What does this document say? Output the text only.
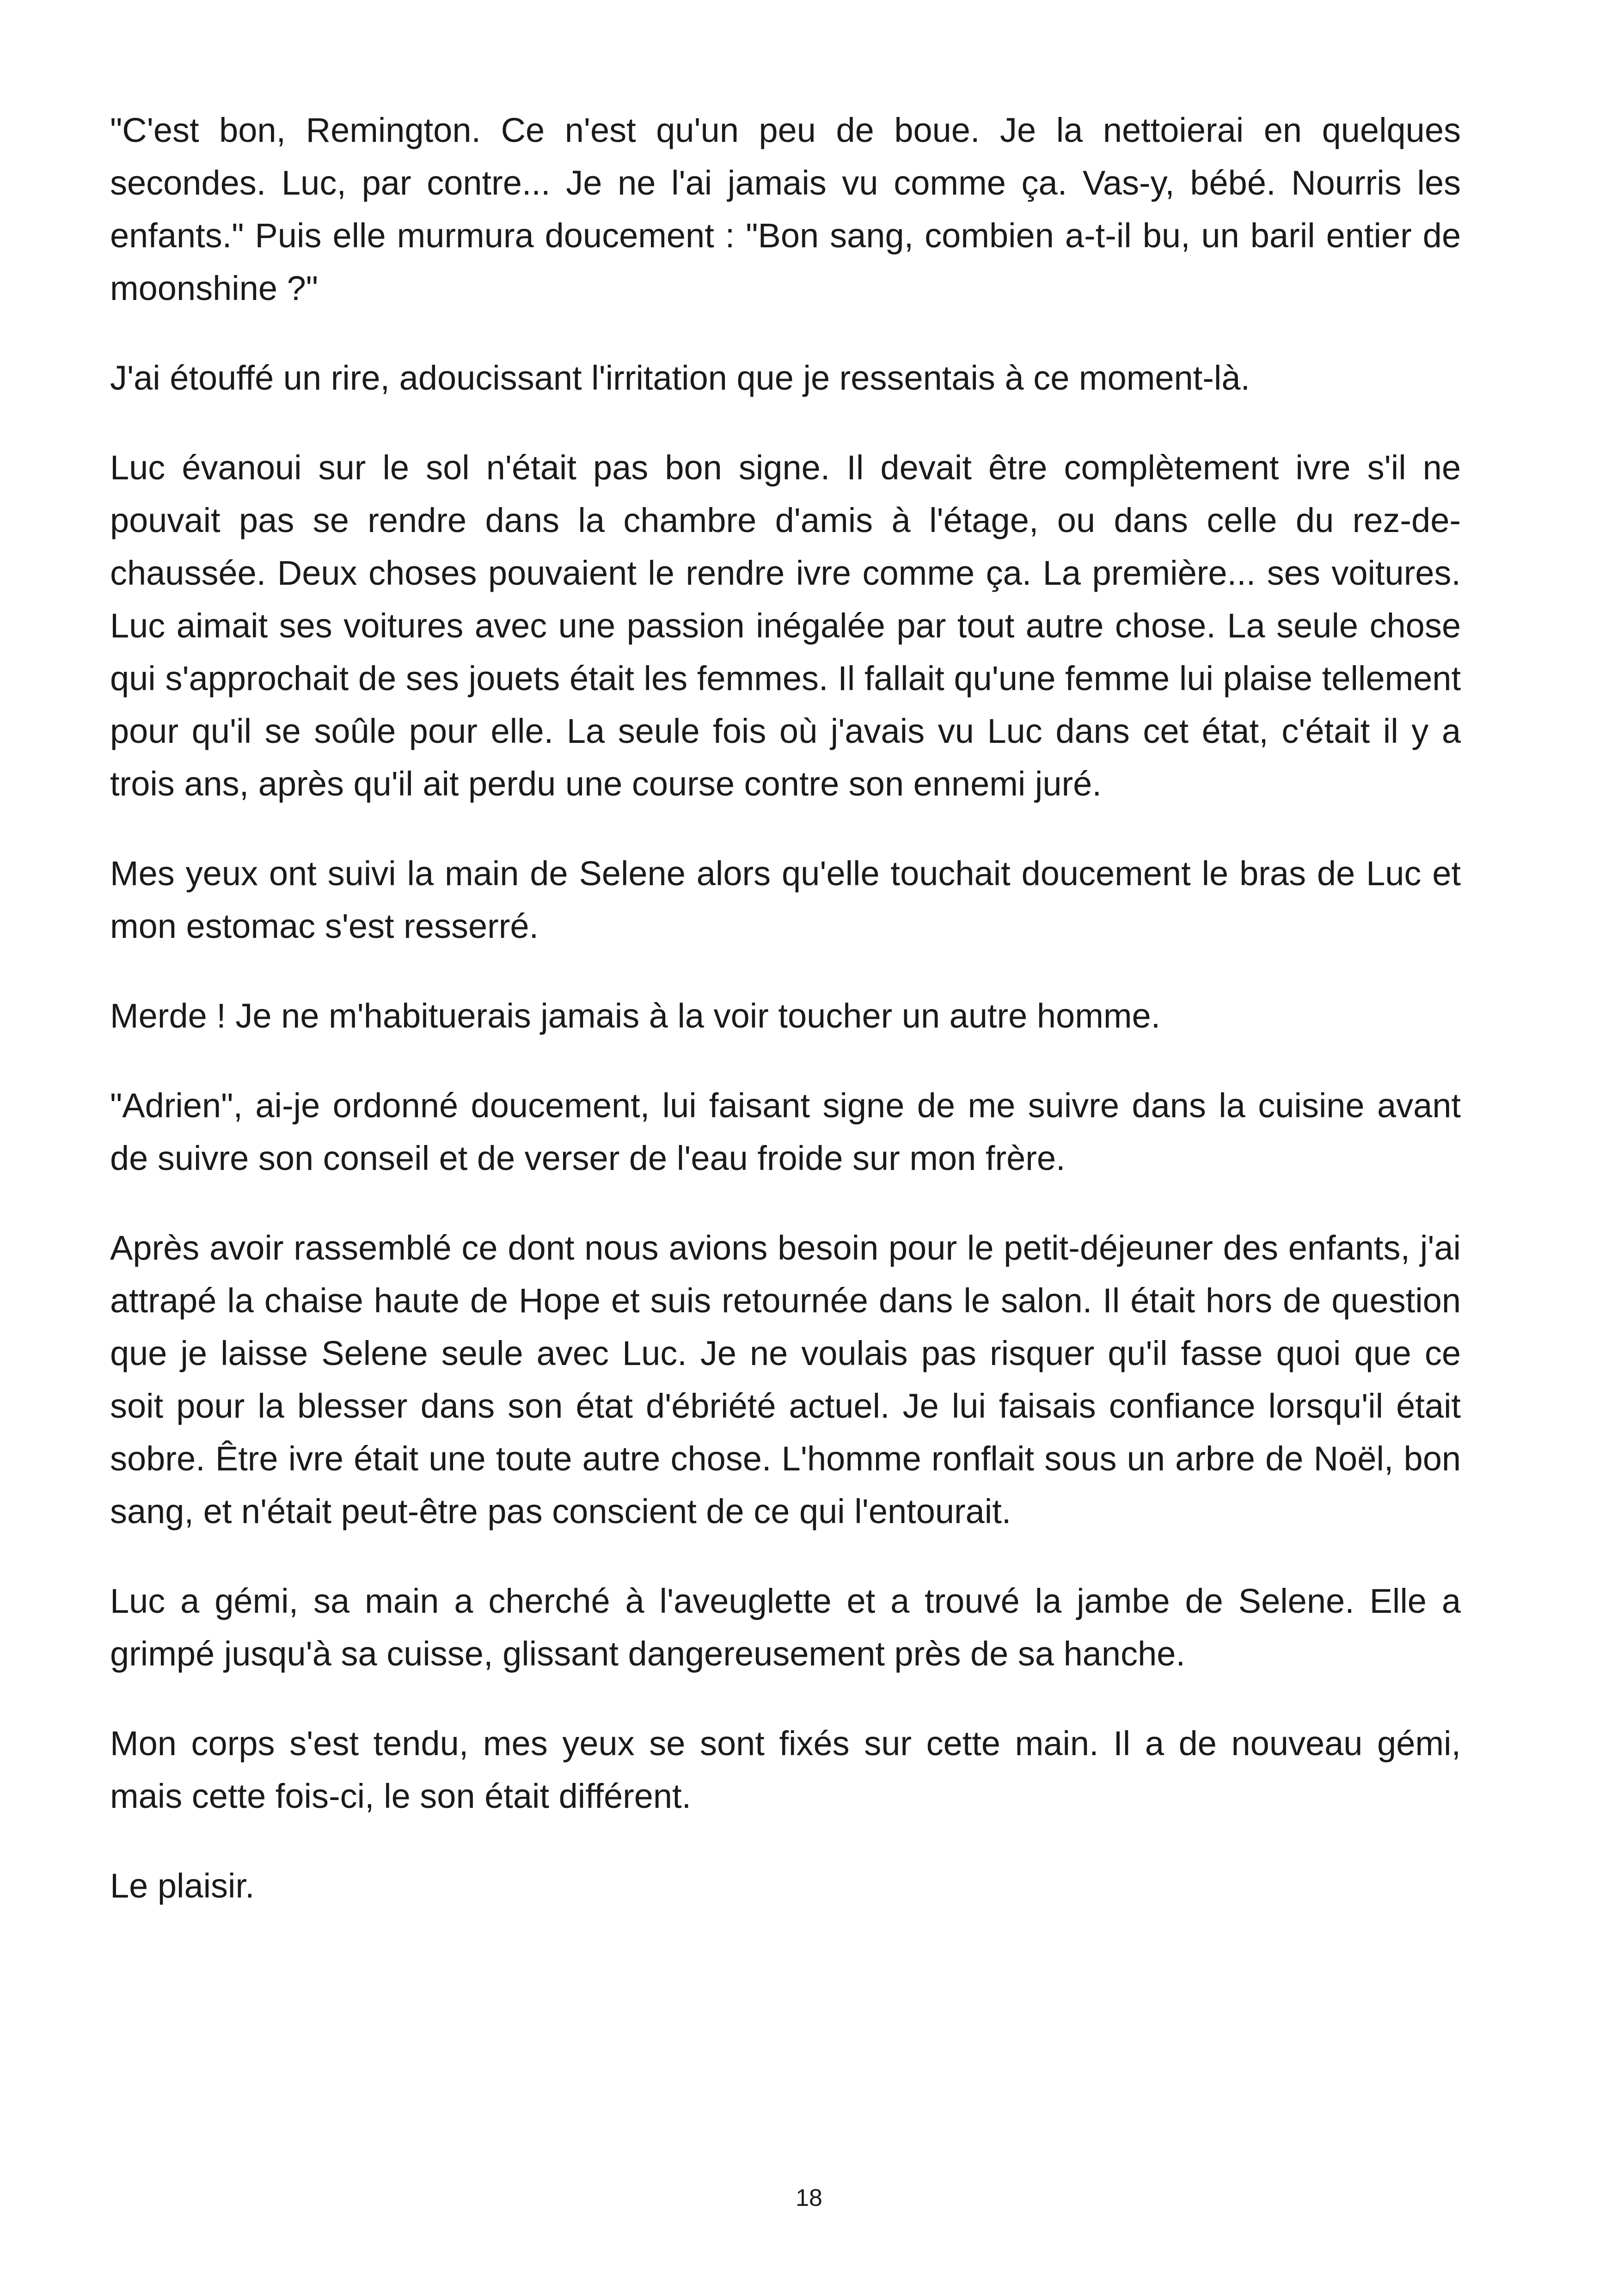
"C'est bon, Remington. Ce n'est qu'un peu de boue. Je la nettoierai en quelques secondes. Luc, par contre... Je ne l'ai jamais vu comme ça. Vas-y, bébé. Nourris les enfants." Puis elle murmura doucement : "Bon sang, combien a-t-il bu, un baril entier de moonshine ?"

J'ai étouffé un rire, adoucissant l'irritation que je ressentais à ce moment-là.

Luc évanoui sur le sol n'était pas bon signe. Il devait être complètement ivre s'il ne pouvait pas se rendre dans la chambre d'amis à l'étage, ou dans celle du rez-de-chaussée. Deux choses pouvaient le rendre ivre comme ça. La première... ses voitures. Luc aimait ses voitures avec une passion inégalée par tout autre chose. La seule chose qui s'approchait de ses jouets était les femmes. Il fallait qu'une femme lui plaise tellement pour qu'il se soûle pour elle. La seule fois où j'avais vu Luc dans cet état, c'était il y a trois ans, après qu'il ait perdu une course contre son ennemi juré.

Mes yeux ont suivi la main de Selene alors qu'elle touchait doucement le bras de Luc et mon estomac s'est resserré.

Merde ! Je ne m'habituerais jamais à la voir toucher un autre homme.

"Adrien", ai-je ordonné doucement, lui faisant signe de me suivre dans la cuisine avant de suivre son conseil et de verser de l'eau froide sur mon frère.

Après avoir rassemblé ce dont nous avions besoin pour le petit-déjeuner des enfants, j'ai attrapé la chaise haute de Hope et suis retournée dans le salon. Il était hors de question que je laisse Selene seule avec Luc. Je ne voulais pas risquer qu'il fasse quoi que ce soit pour la blesser dans son état d'ébriété actuel. Je lui faisais confiance lorsqu'il était sobre. Être ivre était une toute autre chose. L'homme ronflait sous un arbre de Noël, bon sang, et n'était peut-être pas conscient de ce qui l'entourait.

Luc a gémi, sa main a cherché à l'aveuglette et a trouvé la jambe de Selene. Elle a grimpé jusqu'à sa cuisse, glissant dangereusement près de sa hanche.

Mon corps s'est tendu, mes yeux se sont fixés sur cette main. Il a de nouveau gémi, mais cette fois-ci, le son était différent.

Le plaisir.

18
